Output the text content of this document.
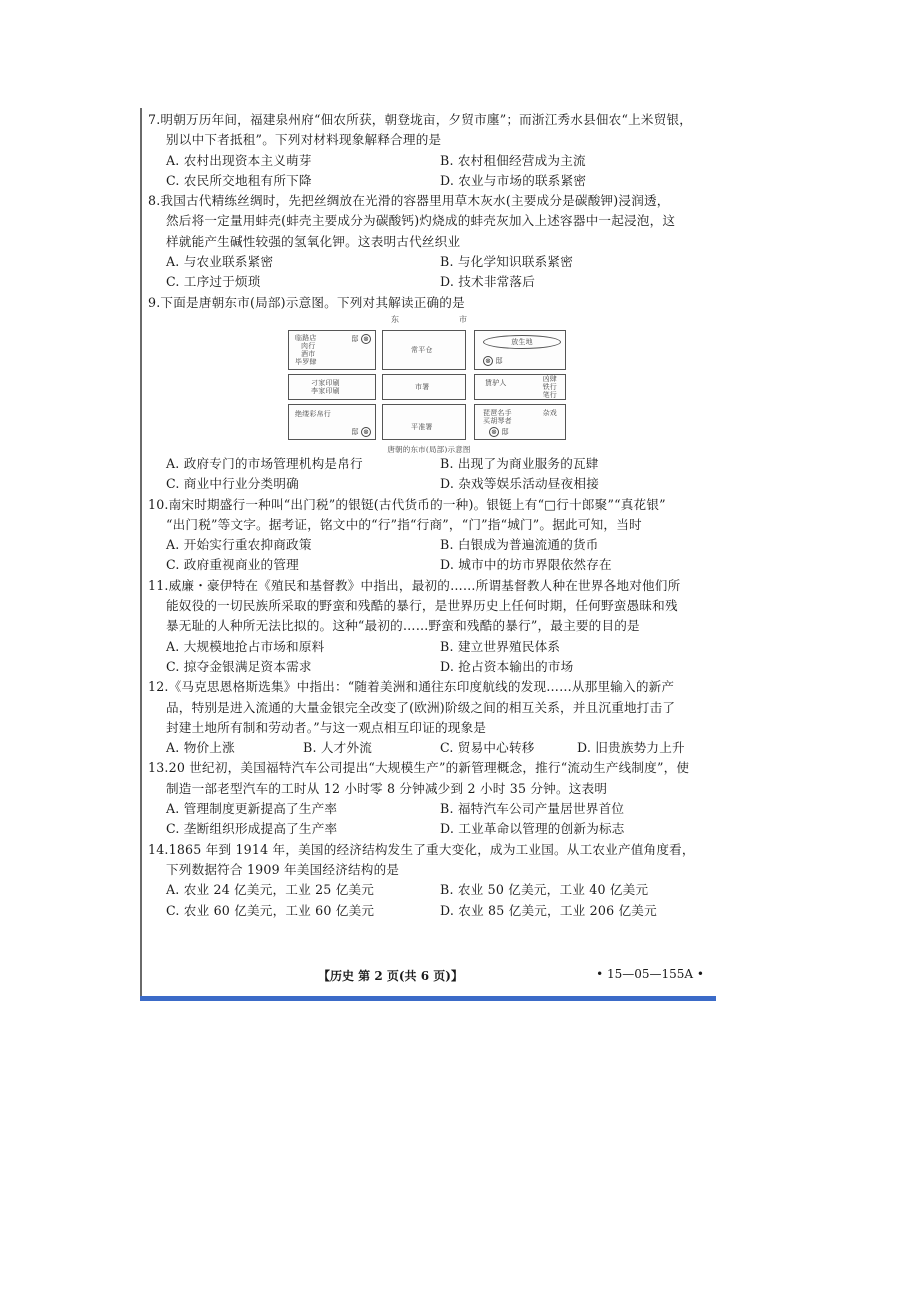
7.明朝万历年间，福建泉州府“佃农所获，朝登垅亩，夕贸市廛”；而浙江秀水县佃农“上米贸银，
别以中下者抵租”。下列对材料现象解释合理的是
A. 农村出现资本主义萌芽	B. 农村租佃经营成为主流
C. 农民所交地租有所下降	D. 农业与市场的联系紧密
8.我国古代精练丝绸时，先把丝绸放在光滑的容器里用草木灰水(主要成分是碳酸钾)浸润透，
然后将一定量用蚌壳(蚌壳主要成分为碳酸钙)灼烧成的蚌壳灰加入上述容器中一起浸泡，这
样就能产生碱性较强的氢氧化钾。这表明古代丝织业
A. 与农业联系紧密	B. 与化学知识联系紧密
C. 工序过于烦琐	D. 技术非常落后
9.下面是唐朝东市(局部)示意图。下列对其解读正确的是
东市
临路店
肉行
酒市
毕罗肆
邸 ⊗
常平仓
放生地
⊗ 邸
刁家印刷
李家印刷	市署	賃驴人	凶肆
铁行
笔行
绝缕彩帛行
邸 ⊗
平准署
琵琶名手
买胡琴者
杂戏
⊗ 邸
唐朝的东市(局部)示意图
A. 政府专门的市场管理机构是帛行	B. 出现了为商业服务的瓦肆
C. 商业中行业分类明确	D. 杂戏等娱乐活动昼夜相接
10.南宋时期盛行一种叫“出门税”的银铤(古代货币的一种)。银铤上有“□行十郎聚”“真花银”
“出门税”等文字。据考证，铭文中的“行”指“行商”，“门”指“城门”。据此可知，当时
A. 开始实行重农抑商政策	B. 白银成为普遍流通的货币
C. 政府重视商业的管理	D. 城市中的坊市界限依然存在
11.威廉・豪伊特在《殖民和基督教》中指出，最初的……所谓基督教人种在世界各地对他们所
能奴役的一切民族所采取的野蛮和残酷的暴行，是世界历史上任何时期，任何野蛮愚昧和残
暴无耻的人种所无法比拟的。这种“最初的……野蛮和残酷的暴行”，最主要的目的是
A. 大规模地抢占市场和原料	B. 建立世界殖民体系
C. 掠夺金银满足资本需求	D. 抢占资本输出的市场
12.《马克思恩格斯选集》中指出：“随着美洲和通往东印度航线的发现……从那里输入的新产
品，特别是进入流通的大量金银完全改变了(欧洲)阶级之间的相互关系，并且沉重地打击了
封建土地所有制和劳动者。”与这一观点相互印证的现象是
A. 物价上涨	B. 人才外流	C. 贸易中心转移	D. 旧贵族势力上升
13.20 世纪初，美国福特汽车公司提出“大规模生产”的新管理概念，推行“流动生产线制度”，使
制造一部老型汽车的工时从 12 小时零 8 分钟减少到 2 小时 35 分钟。这表明
A. 管理制度更新提高了生产率	B. 福特汽车公司产量居世界首位
C. 垄断组织形成提高了生产率	D. 工业革命以管理的创新为标志
14.1865 年到 1914 年，美国的经济结构发生了重大变化，成为工业国。从工农业产值角度看，
下列数据符合 1909 年美国经济结构的是
A. 农业 24 亿美元，工业 25 亿美元	B. 农业 50 亿美元，工业 40 亿美元
C. 农业 60 亿美元，工业 60 亿美元	D. 农业 85 亿美元，工业 206 亿美元
【历史 第 2 页(共 6 页)】	• 15—05—155A •
